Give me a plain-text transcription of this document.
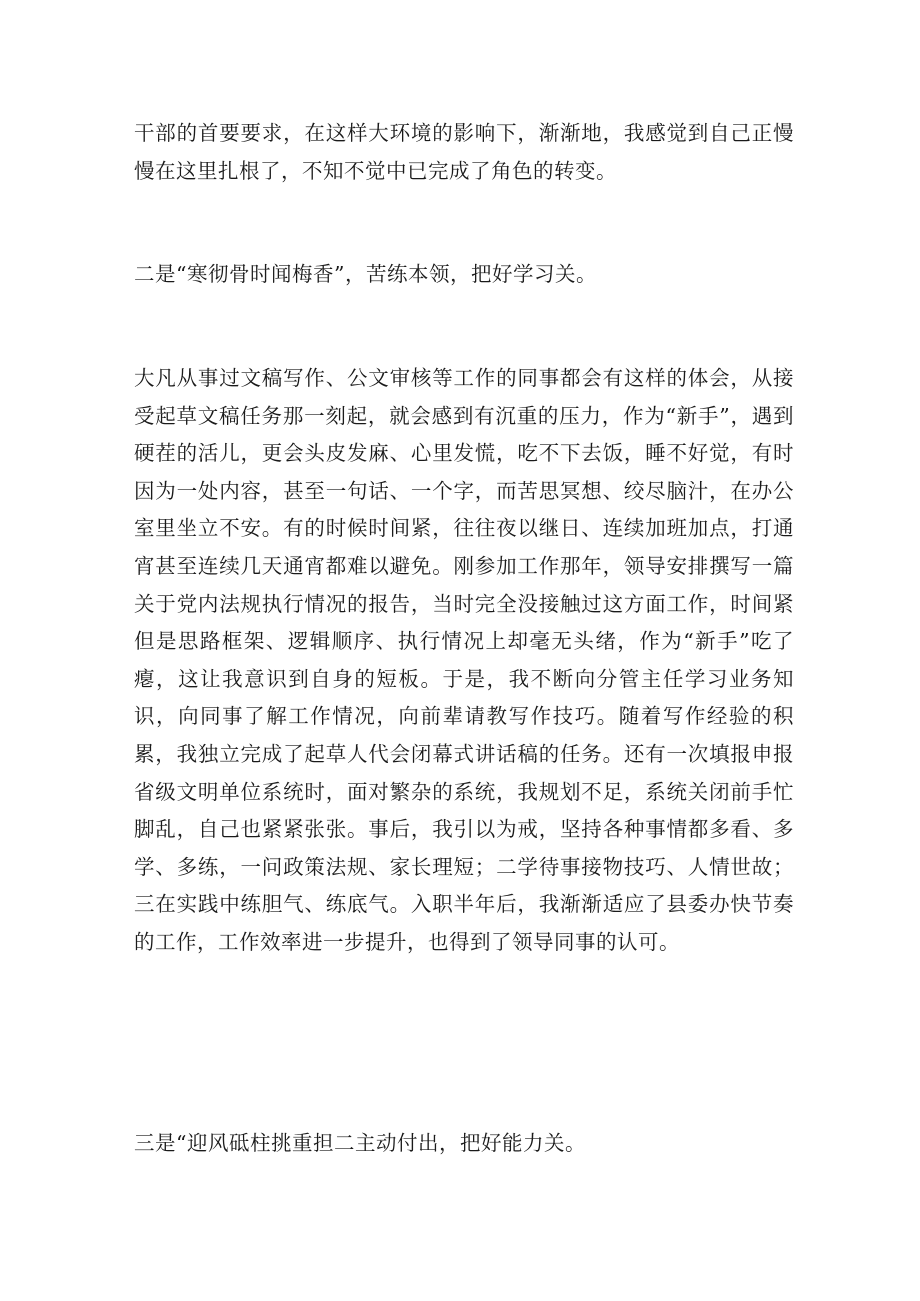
干部的首要要求，在这样大环境的影响下，渐渐地，我感觉到自己正慢慢在这里扎根了，不知不觉中已完成了角色的转变。

二是“寒彻骨时闻梅香”，苦练本领，把好学习关。

大凡从事过文稿写作、公文审核等工作的同事都会有这样的体会，从接受起草文稿任务那一刻起，就会感到有沉重的压力，作为“新手”，遇到硬茬的活儿，更会头皮发麻、心里发慌，吃不下去饭，睡不好觉，有时因为一处内容，甚至一句话、一个字，而苦思冥想、绞尽脑汁，在办公室里坐立不安。有的时候时间紧，往往夜以继日、连续加班加点，打通宵甚至连续几天通宵都难以避免。刚参加工作那年，领导安排撰写一篇关于党内法规执行情况的报告，当时完全没接触过这方面工作，时间紧但是思路框架、逻辑顺序、执行情况上却毫无头绪，作为“新手”吃了瘪，这让我意识到自身的短板。于是，我不断向分管主任学习业务知识，向同事了解工作情况，向前辈请教写作技巧。随着写作经验的积累，我独立完成了起草人代会闭幕式讲话稿的任务。还有一次填报申报省级文明单位系统时，面对繁杂的系统，我规划不足，系统关闭前手忙脚乱，自己也紧紧张张。事后，我引以为戒，坚持各种事情都多看、多学、多练，一问政策法规、家长理短；二学待事接物技巧、人情世故；三在实践中练胆气、练底气。入职半年后，我渐渐适应了县委办快节奏的工作，工作效率进一步提升，也得到了领导同事的认可。

三是“迎风砥柱挑重担二主动付出，把好能力关。
